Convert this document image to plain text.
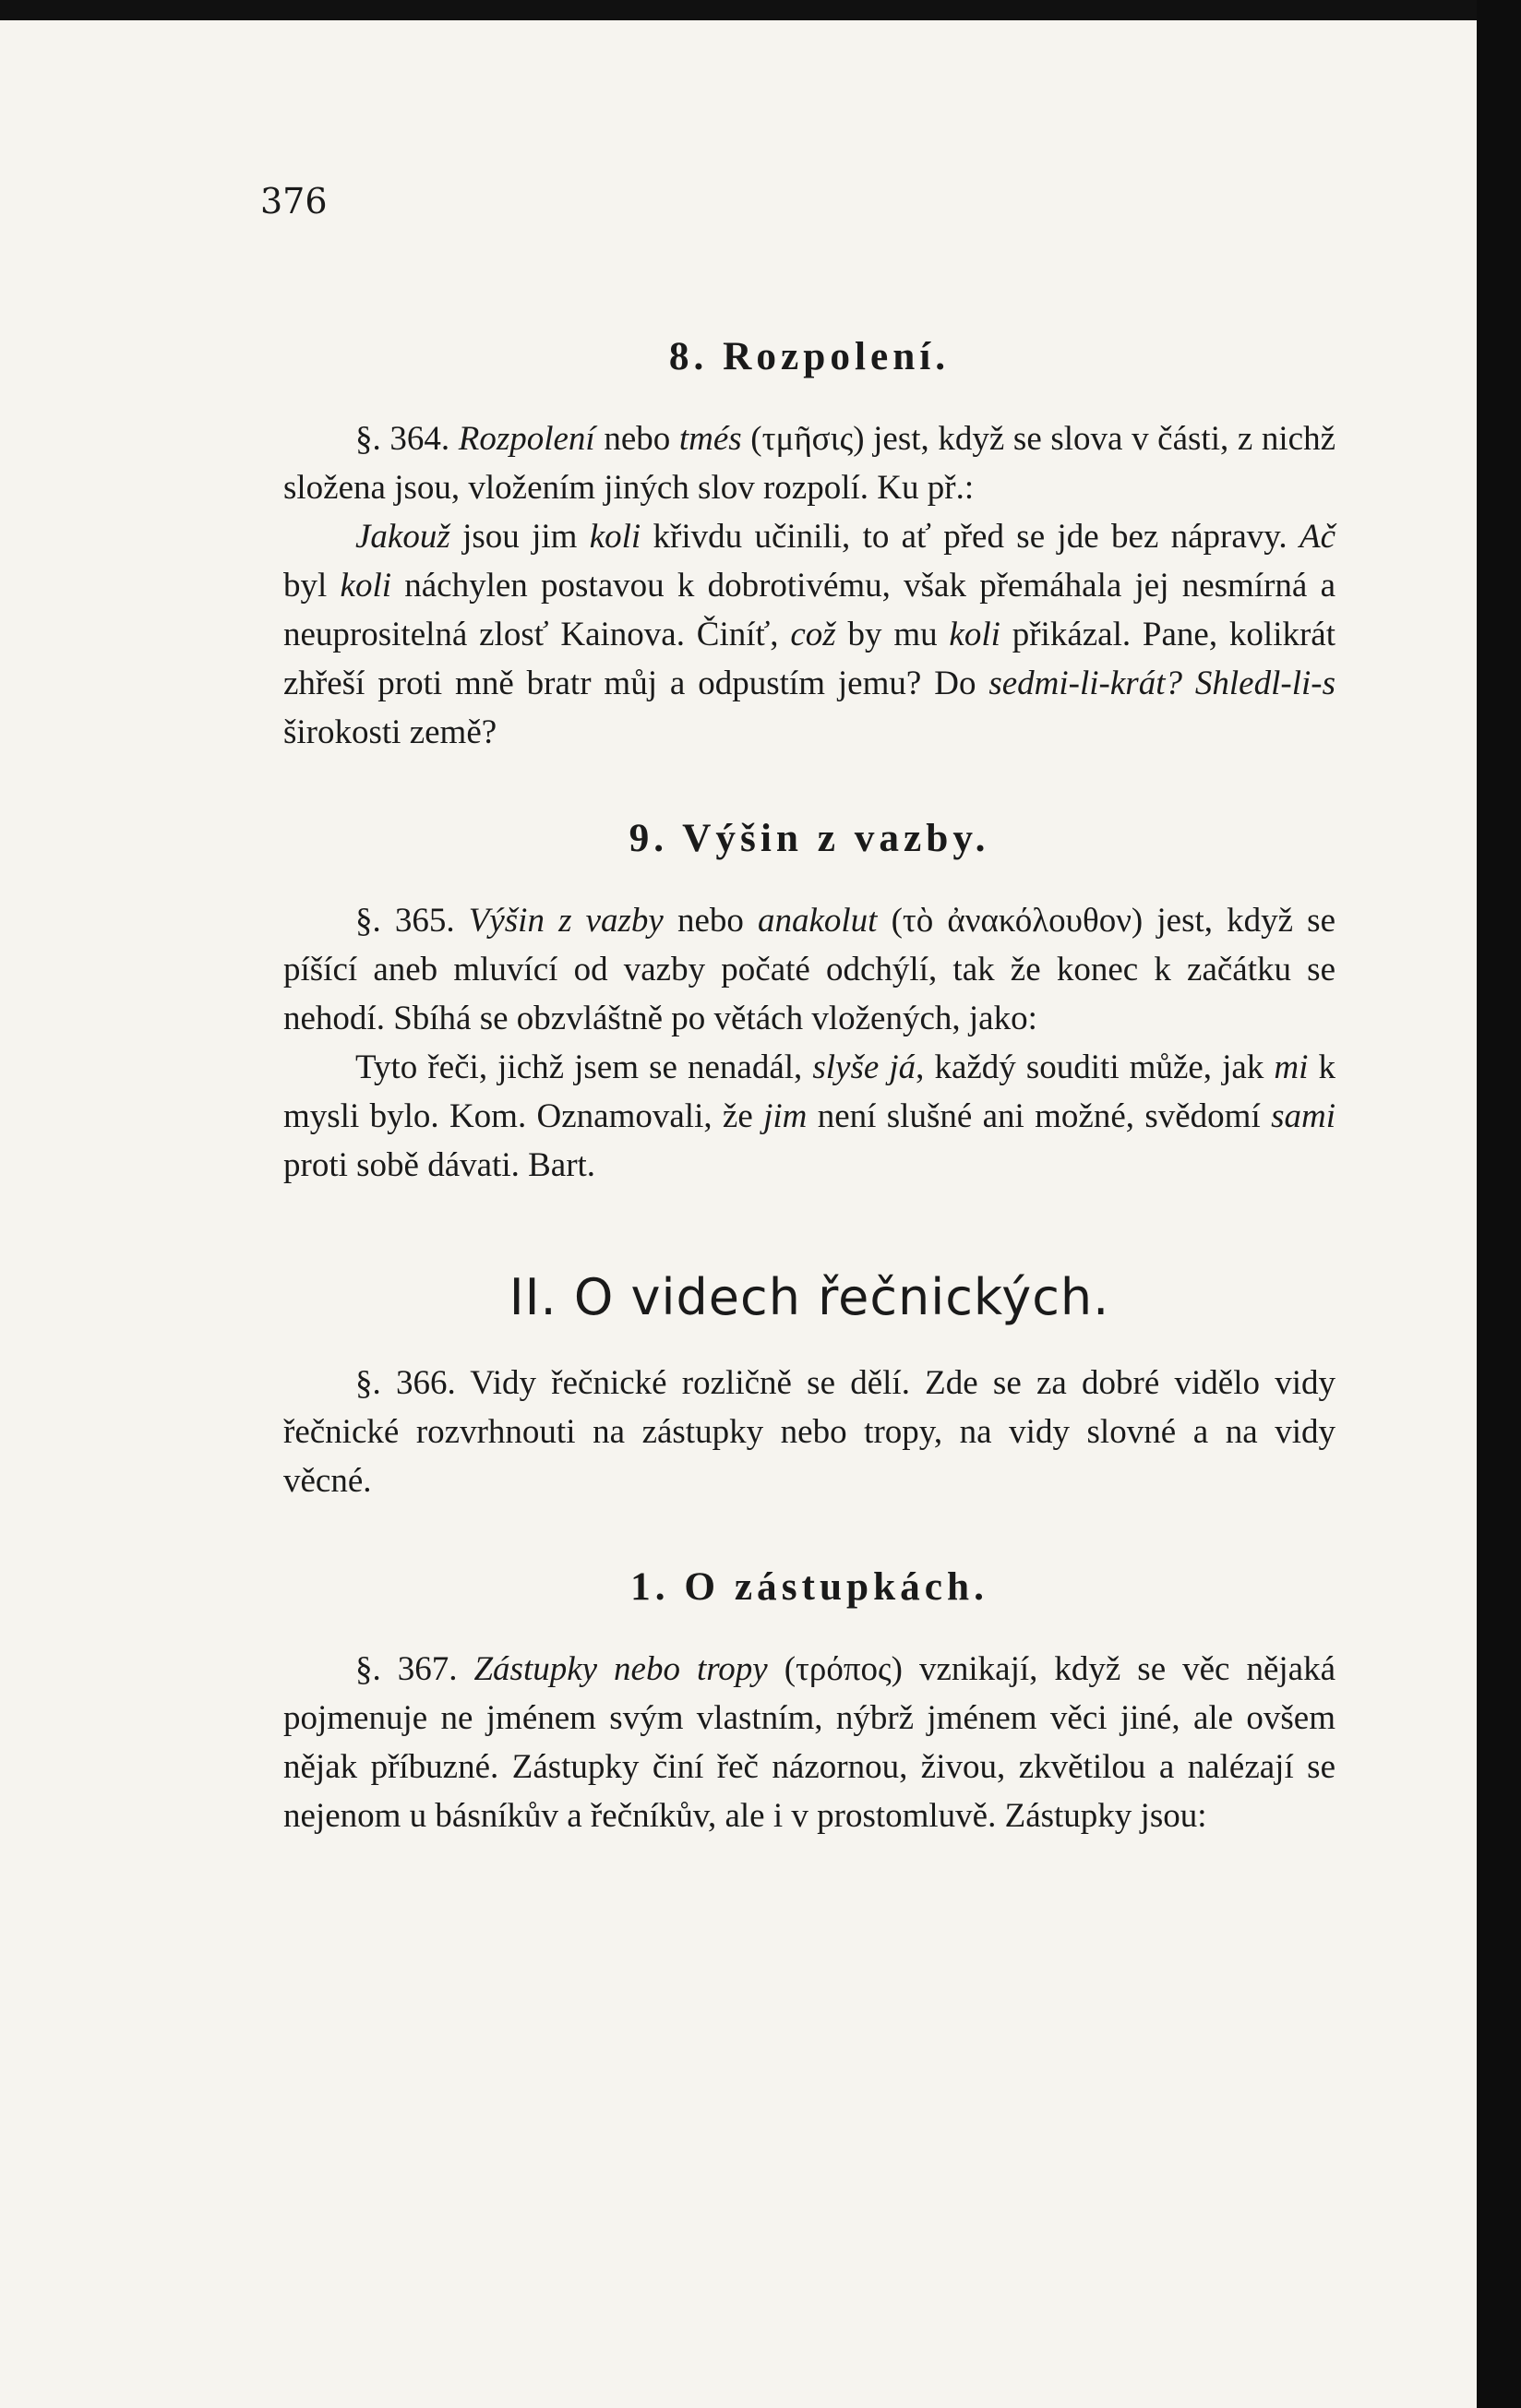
376
8. Rozpolení.

§. 364. Rozpolení nebo tmés (τμῆσις) jest, když se slova v části, z nichž složena jsou, vložením jiných slov rozpolí. Ku př.:

Jakouž jsou jim koli křivdu učinili, to ať před se jde bez nápravy. Ač byl koli náchylen postavou k dobrotivému, však přemáhala jej nesmírná a neuprositelná zlosť Kainova. Činíť, což by mu koli přikázal. Pane, kolikrát zhřeší proti mně bratr můj a odpustím jemu? Do sedmi-li-krát? Shledl-li-s širokosti země?

9. Výšin z vazby.

§. 365. Výšin z vazby nebo anakolut (τὸ ἀνακόλουθον) jest, když se píšící aneb mluvící od vazby počaté odchýlí, tak že konec k začátku se nehodí. Sbíhá se obzvláštně po větách vložených, jako:

Tyto řeči, jichž jsem se nenadál, slyše já, každý souditi může, jak mi k mysli bylo. Kom. Oznamovali, že jim není slušné ani možné, svědomí sami proti sobě dávati. Bart.

II. O videch řečnických.

§. 366. Vidy řečnické rozličně se dělí. Zde se za dobré vidělo vidy řečnické rozvrhnouti na zástupky nebo tropy, na vidy slovné a na vidy věcné.

1. O zástupkách.

§. 367. Zástupky nebo tropy (τρόπος) vznikají, když se věc nějaká pojmenuje ne jménem svým vlastním, nýbrž jménem věci jiné, ale ovšem nějak příbuzné. Zástupky činí řeč názornou, živou, zkvětilou a nalézají se nejenom u básníkův a řečníkův, ale i v prostomluvě. Zástupky jsou:
